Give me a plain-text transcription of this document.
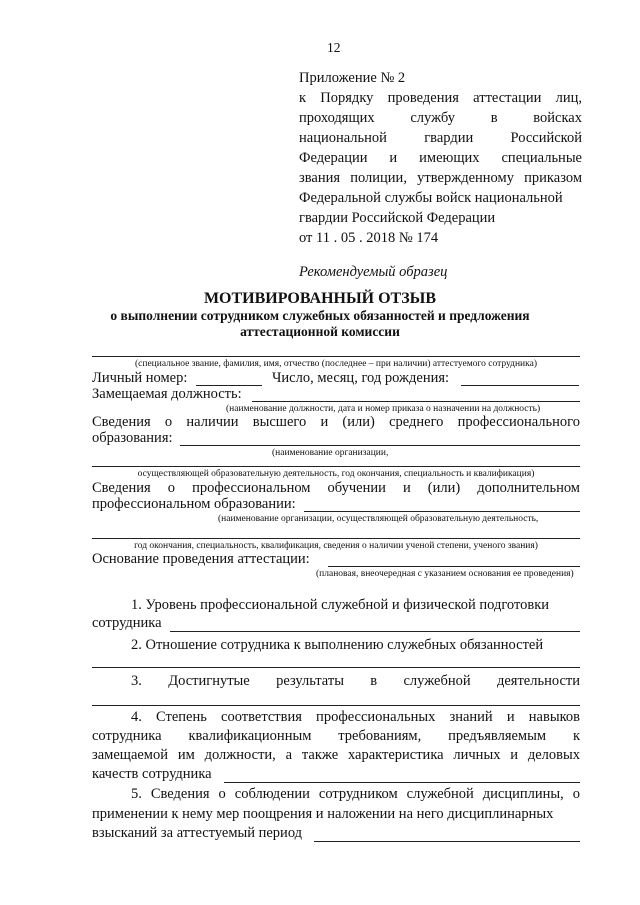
12
Приложение № 2
к Порядку проведения аттестации лиц,
проходящих службу в войсках
национальной гвардии Российской
Федерации и имеющих специальные
звания полиции, утвержденному приказом
Федеральной службы войск национальной
гвардии Российской Федерации
от 11 . 05 . 2018 № 174
Рекомендуемый образец
МОТИВИРОВАННЫЙ ОТЗЫВ
о выполнении сотрудником служебных обязанностей и предложения
аттестационной комиссии
(специальное звание, фамилия, имя, отчество (последнее – при наличии) аттестуемого сотрудника)
Личный номер:	Число, месяц, год рождения:
Замещаемая должность:
(наименование должности, дата и номер приказа о назначении на должность)
Сведения о наличии высшего и (или) среднего профессионального
образования:
(наименование организации,
осуществляющей образовательную деятельность, год окончания, специальность и квалификация)
Сведения о профессиональном обучении и (или) дополнительном
профессиональном образовании:
(наименование организации, осуществляющей образовательную деятельность,
год окончания, специальность, квалификация, сведения о наличии ученой степени, ученого звания)
Основание проведения аттестации:
(плановая, внеочередная с указанием основания ее проведения)
1. Уровень профессиональной служебной и физической подготовки
сотрудника
2. Отношение сотрудника к выполнению служебных обязанностей
3. Достигнутые результаты в служебной деятельности
4. Степень соответствия профессиональных знаний и навыков
сотрудника квалификационным требованиям, предъявляемым к
замещаемой им должности, а также характеристика личных и деловых
качеств сотрудника
5. Сведения о соблюдении сотрудником служебной дисциплины, о
применении к нему мер поощрения и наложении на него дисциплинарных
взысканий за аттестуемый период
